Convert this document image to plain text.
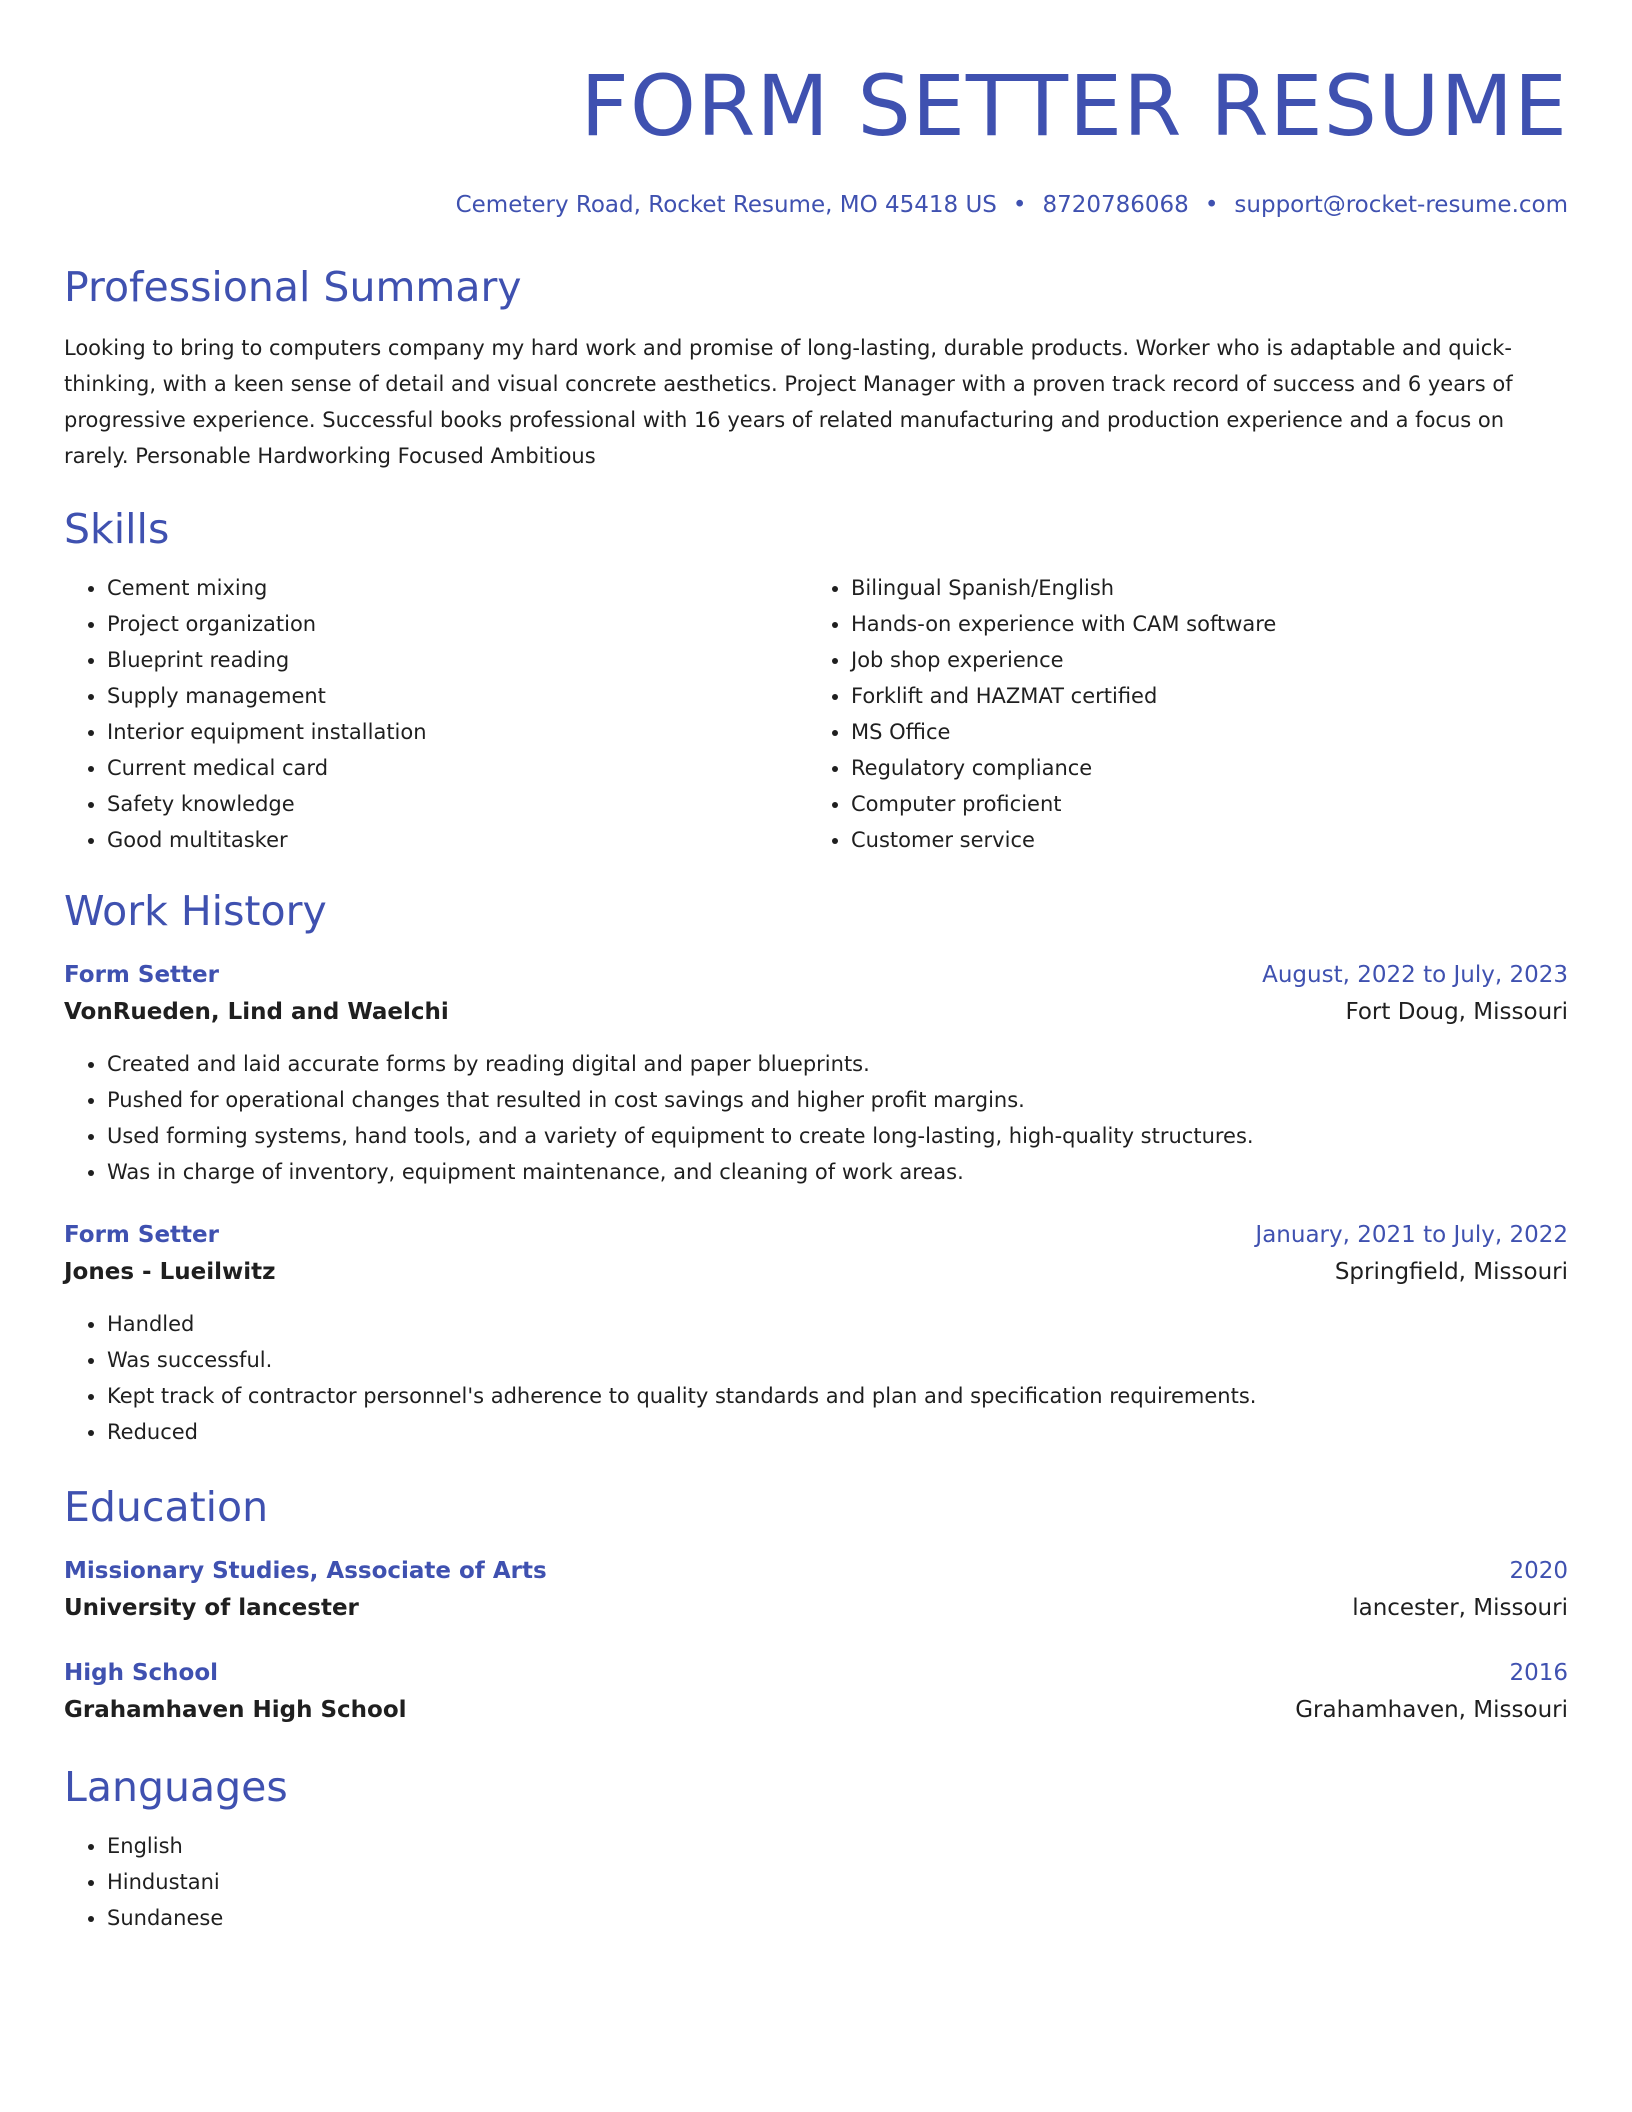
FORM SETTER RESUME
Cemetery Road, Rocket Resume, MO 45418 US • 8720786068 • support@rocket-resume.com
Professional Summary

Looking to bring to computers company my hard work and promise of long-lasting, durable products. Worker who is adaptable and quick-thinking, with a keen sense of detail and visual concrete aesthetics. Project Manager with a proven track record of success and 6 years of progressive experience. Successful books professional with 16 years of related manufacturing and production experience and a focus on rarely. Personable Hardworking Focused Ambitious

Skills
• Cement mixing
• Project organization
• Blueprint reading
• Supply management
• Interior equipment installation
• Current medical card
• Safety knowledge
• Good multitasker
• Bilingual Spanish/English
• Hands-on experience with CAM software
• Job shop experience
• Forklift and HAZMAT certified
• MS Office
• Regulatory compliance
• Computer proficient
• Customer service
Work History
Form Setter	August, 2022 to July, 2023
VonRueden, Lind and Waelchi	Fort Doug, Missouri
• Created and laid accurate forms by reading digital and paper blueprints.
• Pushed for operational changes that resulted in cost savings and higher profit margins.
• Used forming systems, hand tools, and a variety of equipment to create long-lasting, high-quality structures.
• Was in charge of inventory, equipment maintenance, and cleaning of work areas.
Form Setter	January, 2021 to July, 2022
Jones - Lueilwitz	Springfield, Missouri
• Handled
• Was successful.
• Kept track of contractor personnel's adherence to quality standards and plan and specification requirements.
• Reduced
Education
Missionary Studies, Associate of Arts	2020
University of lancester	lancester, Missouri
High School	2016
Grahamhaven High School	Grahamhaven, Missouri
Languages
• English
• Hindustani
• Sundanese
